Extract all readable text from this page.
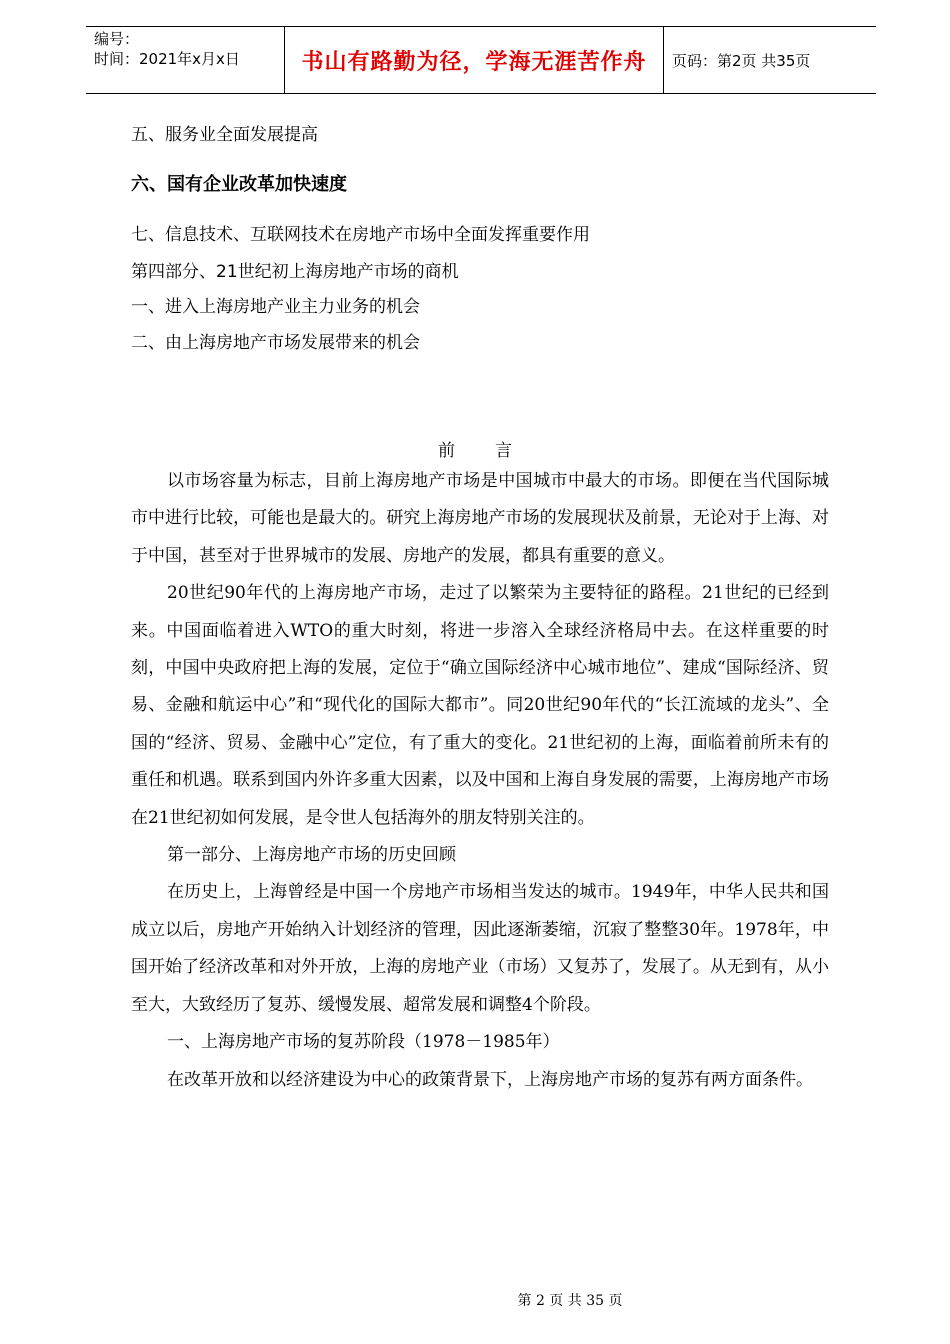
编号：
时间：2021年x月x日	书山有路勤为径，学海无涯苦作舟	页码：第2页 共35页
五、服务业全面发展提高
六、国有企业改革加快速度
七、信息技术、互联网技术在房地产市场中全面发挥重要作用
第四部分、21世纪初上海房地产市场的商机
一、进入上海房地产业主力业务的机会
二、由上海房地产市场发展带来的机会
前言

以市场容量为标志，目前上海房地产市场是中国城市中最大的市场。即便在当代国际城市中进行比较，可能也是最大的。研究上海房地产市场的发展现状及前景，无论对于上海、对于中国，甚至对于世界城市的发展、房地产的发展，都具有重要的意义。

20世纪90年代的上海房地产市场，走过了以繁荣为主要特征的路程。21世纪的已经到来。中国面临着进入WTO的重大时刻，将进一步溶入全球经济格局中去。在这样重要的时刻，中国中央政府把上海的发展，定位于“确立国际经济中心城市地位”、建成“国际经济、贸易、金融和航运中心”和“现代化的国际大都市”。同20世纪90年代的“长江流域的龙头”、全国的“经济、贸易、金融中心”定位，有了重大的变化。21世纪初的上海，面临着前所未有的重任和机遇。联系到国内外许多重大因素，以及中国和上海自身发展的需要，上海房地产市场在21世纪初如何发展，是令世人包括海外的朋友特别关注的。

第一部分、上海房地产市场的历史回顾

在历史上，上海曾经是中国一个房地产市场相当发达的城市。1949年，中华人民共和国成立以后，房地产开始纳入计划经济的管理，因此逐渐萎缩，沉寂了整整30年。1978年，中国开始了经济改革和对外开放，上海的房地产业（市场）又复苏了，发展了。从无到有，从小至大，大致经历了复苏、缓慢发展、超常发展和调整4个阶段。

一、上海房地产市场的复苏阶段（1978－1985年）

在改革开放和以经济建设为中心的政策背景下，上海房地产市场的复苏有两方面条件。

第 2 页 共 35 页
